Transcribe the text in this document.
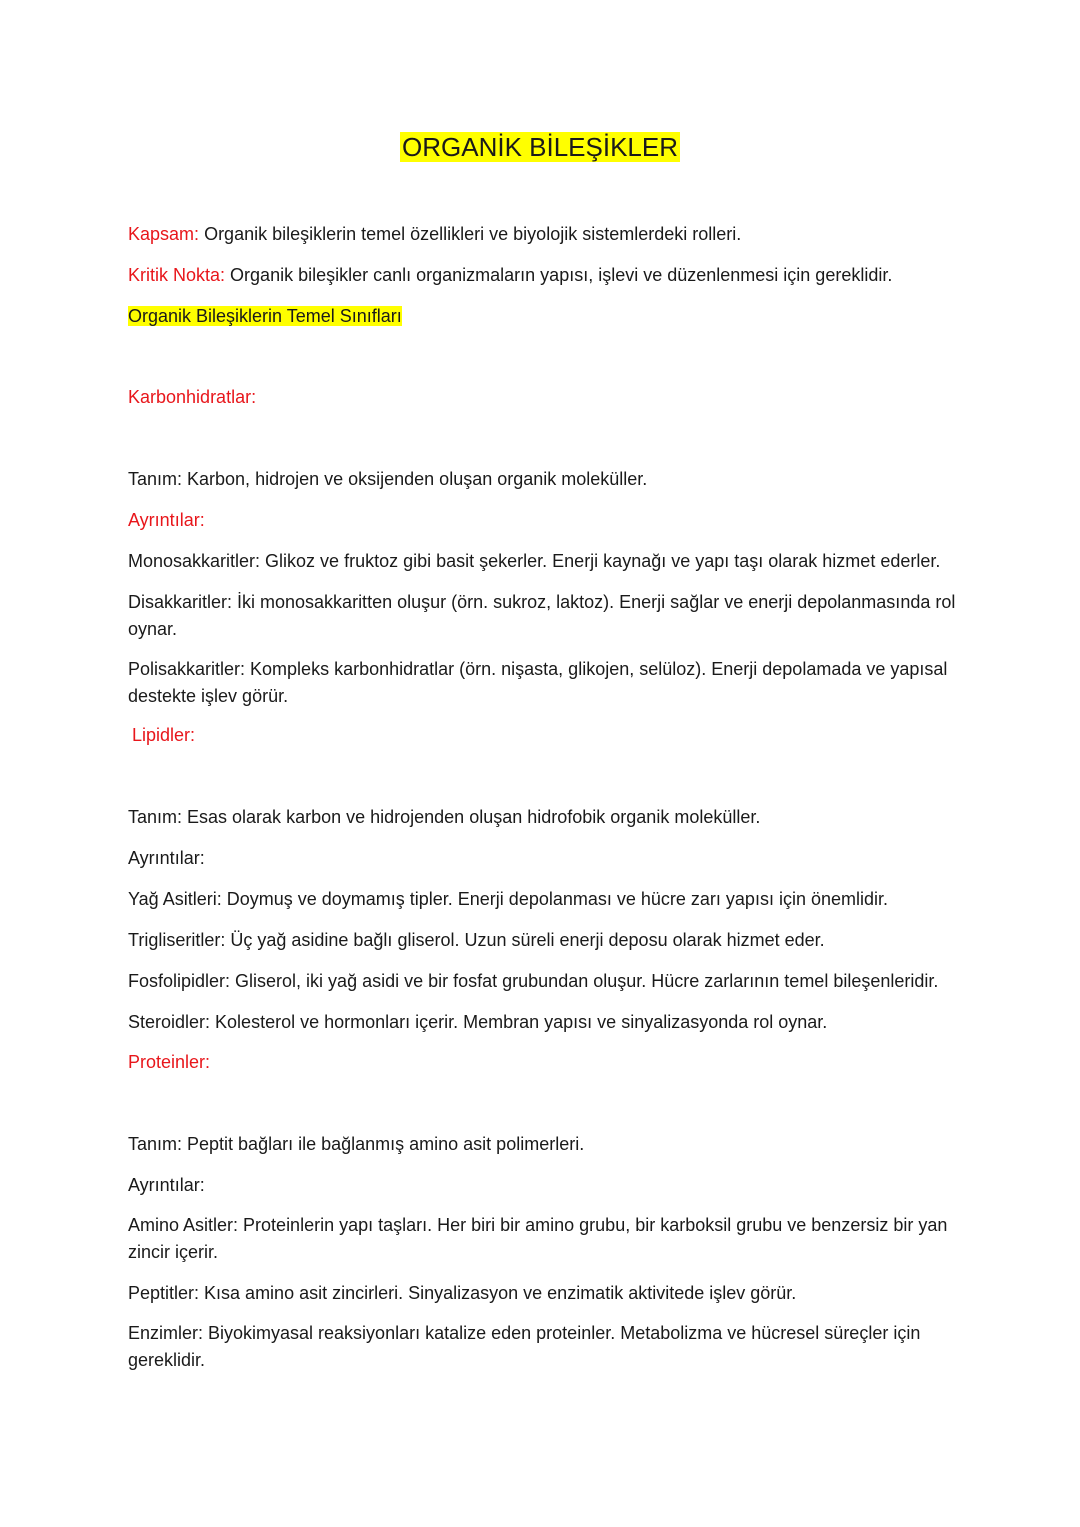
ORGANİK BİLEŞİKLER

Kapsam: Organik bileşiklerin temel özellikleri ve biyolojik sistemlerdeki rolleri.

Kritik Nokta: Organik bileşikler canlı organizmaların yapısı, işlevi ve düzenlenmesi için gereklidir.

Organik Bileşiklerin Temel Sınıfları

Karbonhidratlar:

Tanım: Karbon, hidrojen ve oksijenden oluşan organik moleküller.

Ayrıntılar:

Monosakkaritler: Glikoz ve fruktoz gibi basit şekerler. Enerji kaynağı ve yapı taşı olarak hizmet ederler.

Disakkaritler: İki monosakkaritten oluşur (örn. sukroz, laktoz). Enerji sağlar ve enerji depolanmasında rol oynar.

Polisakkaritler: Kompleks karbonhidratlar (örn. nişasta, glikojen, selüloz). Enerji depolamada ve yapısal destekte işlev görür.

Lipidler:

Tanım: Esas olarak karbon ve hidrojenden oluşan hidrofobik organik moleküller.

Ayrıntılar:

Yağ Asitleri: Doymuş ve doymamış tipler. Enerji depolanması ve hücre zarı yapısı için önemlidir.

Trigliseritler: Üç yağ asidine bağlı gliserol. Uzun süreli enerji deposu olarak hizmet eder.

Fosfolipidler: Gliserol, iki yağ asidi ve bir fosfat grubundan oluşur. Hücre zarlarının temel bileşenleridir.

Steroidler: Kolesterol ve hormonları içerir. Membran yapısı ve sinyalizasyonda rol oynar.

Proteinler:

Tanım: Peptit bağları ile bağlanmış amino asit polimerleri.

Ayrıntılar:

Amino Asitler: Proteinlerin yapı taşları. Her biri bir amino grubu, bir karboksil grubu ve benzersiz bir yan zincir içerir.

Peptitler: Kısa amino asit zincirleri. Sinyalizasyon ve enzimatik aktivitede işlev görür.

Enzimler: Biyokimyasal reaksiyonları katalize eden proteinler. Metabolizma ve hücresel süreçler için gereklidir.
